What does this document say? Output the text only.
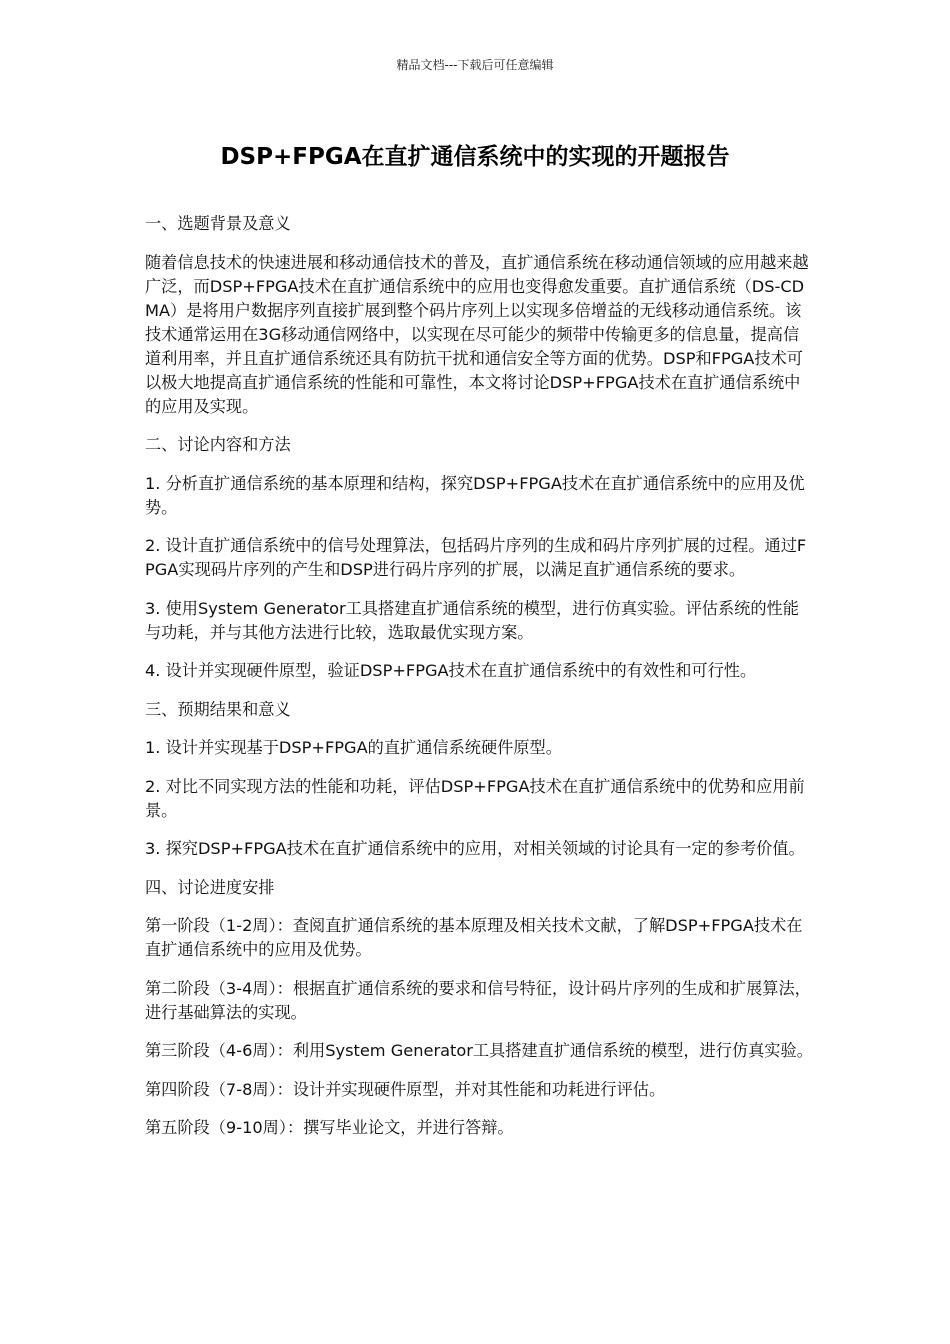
精品文档---下载后可任意编辑
DSP+FPGA在直扩通信系统中的实现的开题报告

一、选题背景及意义

随着信息技术的快速进展和移动通信技术的普及，直扩通信系统在移动通信领域的应用越来越广泛，而DSP+FPGA技术在直扩通信系统中的应用也变得愈发重要。直扩通信系统（DS-CDMA）是将用户数据序列直接扩展到整个码片序列上以实现多倍增益的无线移动通信系统。该技术通常运用在3G移动通信网络中，以实现在尽可能少的频带中传输更多的信息量，提高信道利用率，并且直扩通信系统还具有防抗干扰和通信安全等方面的优势。DSP和FPGA技术可以极大地提高直扩通信系统的性能和可靠性，本文将讨论DSP+FPGA技术在直扩通信系统中的应用及实现。

二、讨论内容和方法

1. 分析直扩通信系统的基本原理和结构，探究DSP+FPGA技术在直扩通信系统中的应用及优势。

2. 设计直扩通信系统中的信号处理算法，包括码片序列的生成和码片序列扩展的过程。通过FPGA实现码片序列的产生和DSP进行码片序列的扩展，以满足直扩通信系统的要求。

3. 使用System Generator工具搭建直扩通信系统的模型，进行仿真实验。评估系统的性能与功耗，并与其他方法进行比较，选取最优实现方案。

4. 设计并实现硬件原型，验证DSP+FPGA技术在直扩通信系统中的有效性和可行性。

三、预期结果和意义

1. 设计并实现基于DSP+FPGA的直扩通信系统硬件原型。

2. 对比不同实现方法的性能和功耗，评估DSP+FPGA技术在直扩通信系统中的优势和应用前景。

3. 探究DSP+FPGA技术在直扩通信系统中的应用，对相关领域的讨论具有一定的参考价值。

四、讨论进度安排

第一阶段（1-2周）：查阅直扩通信系统的基本原理及相关技术文献，了解DSP+FPGA技术在直扩通信系统中的应用及优势。

第二阶段（3-4周）：根据直扩通信系统的要求和信号特征，设计码片序列的生成和扩展算法，进行基础算法的实现。

第三阶段（4-6周）：利用System Generator工具搭建直扩通信系统的模型，进行仿真实验。

第四阶段（7-8周）：设计并实现硬件原型，并对其性能和功耗进行评估。

第五阶段（9-10周）：撰写毕业论文，并进行答辩。
